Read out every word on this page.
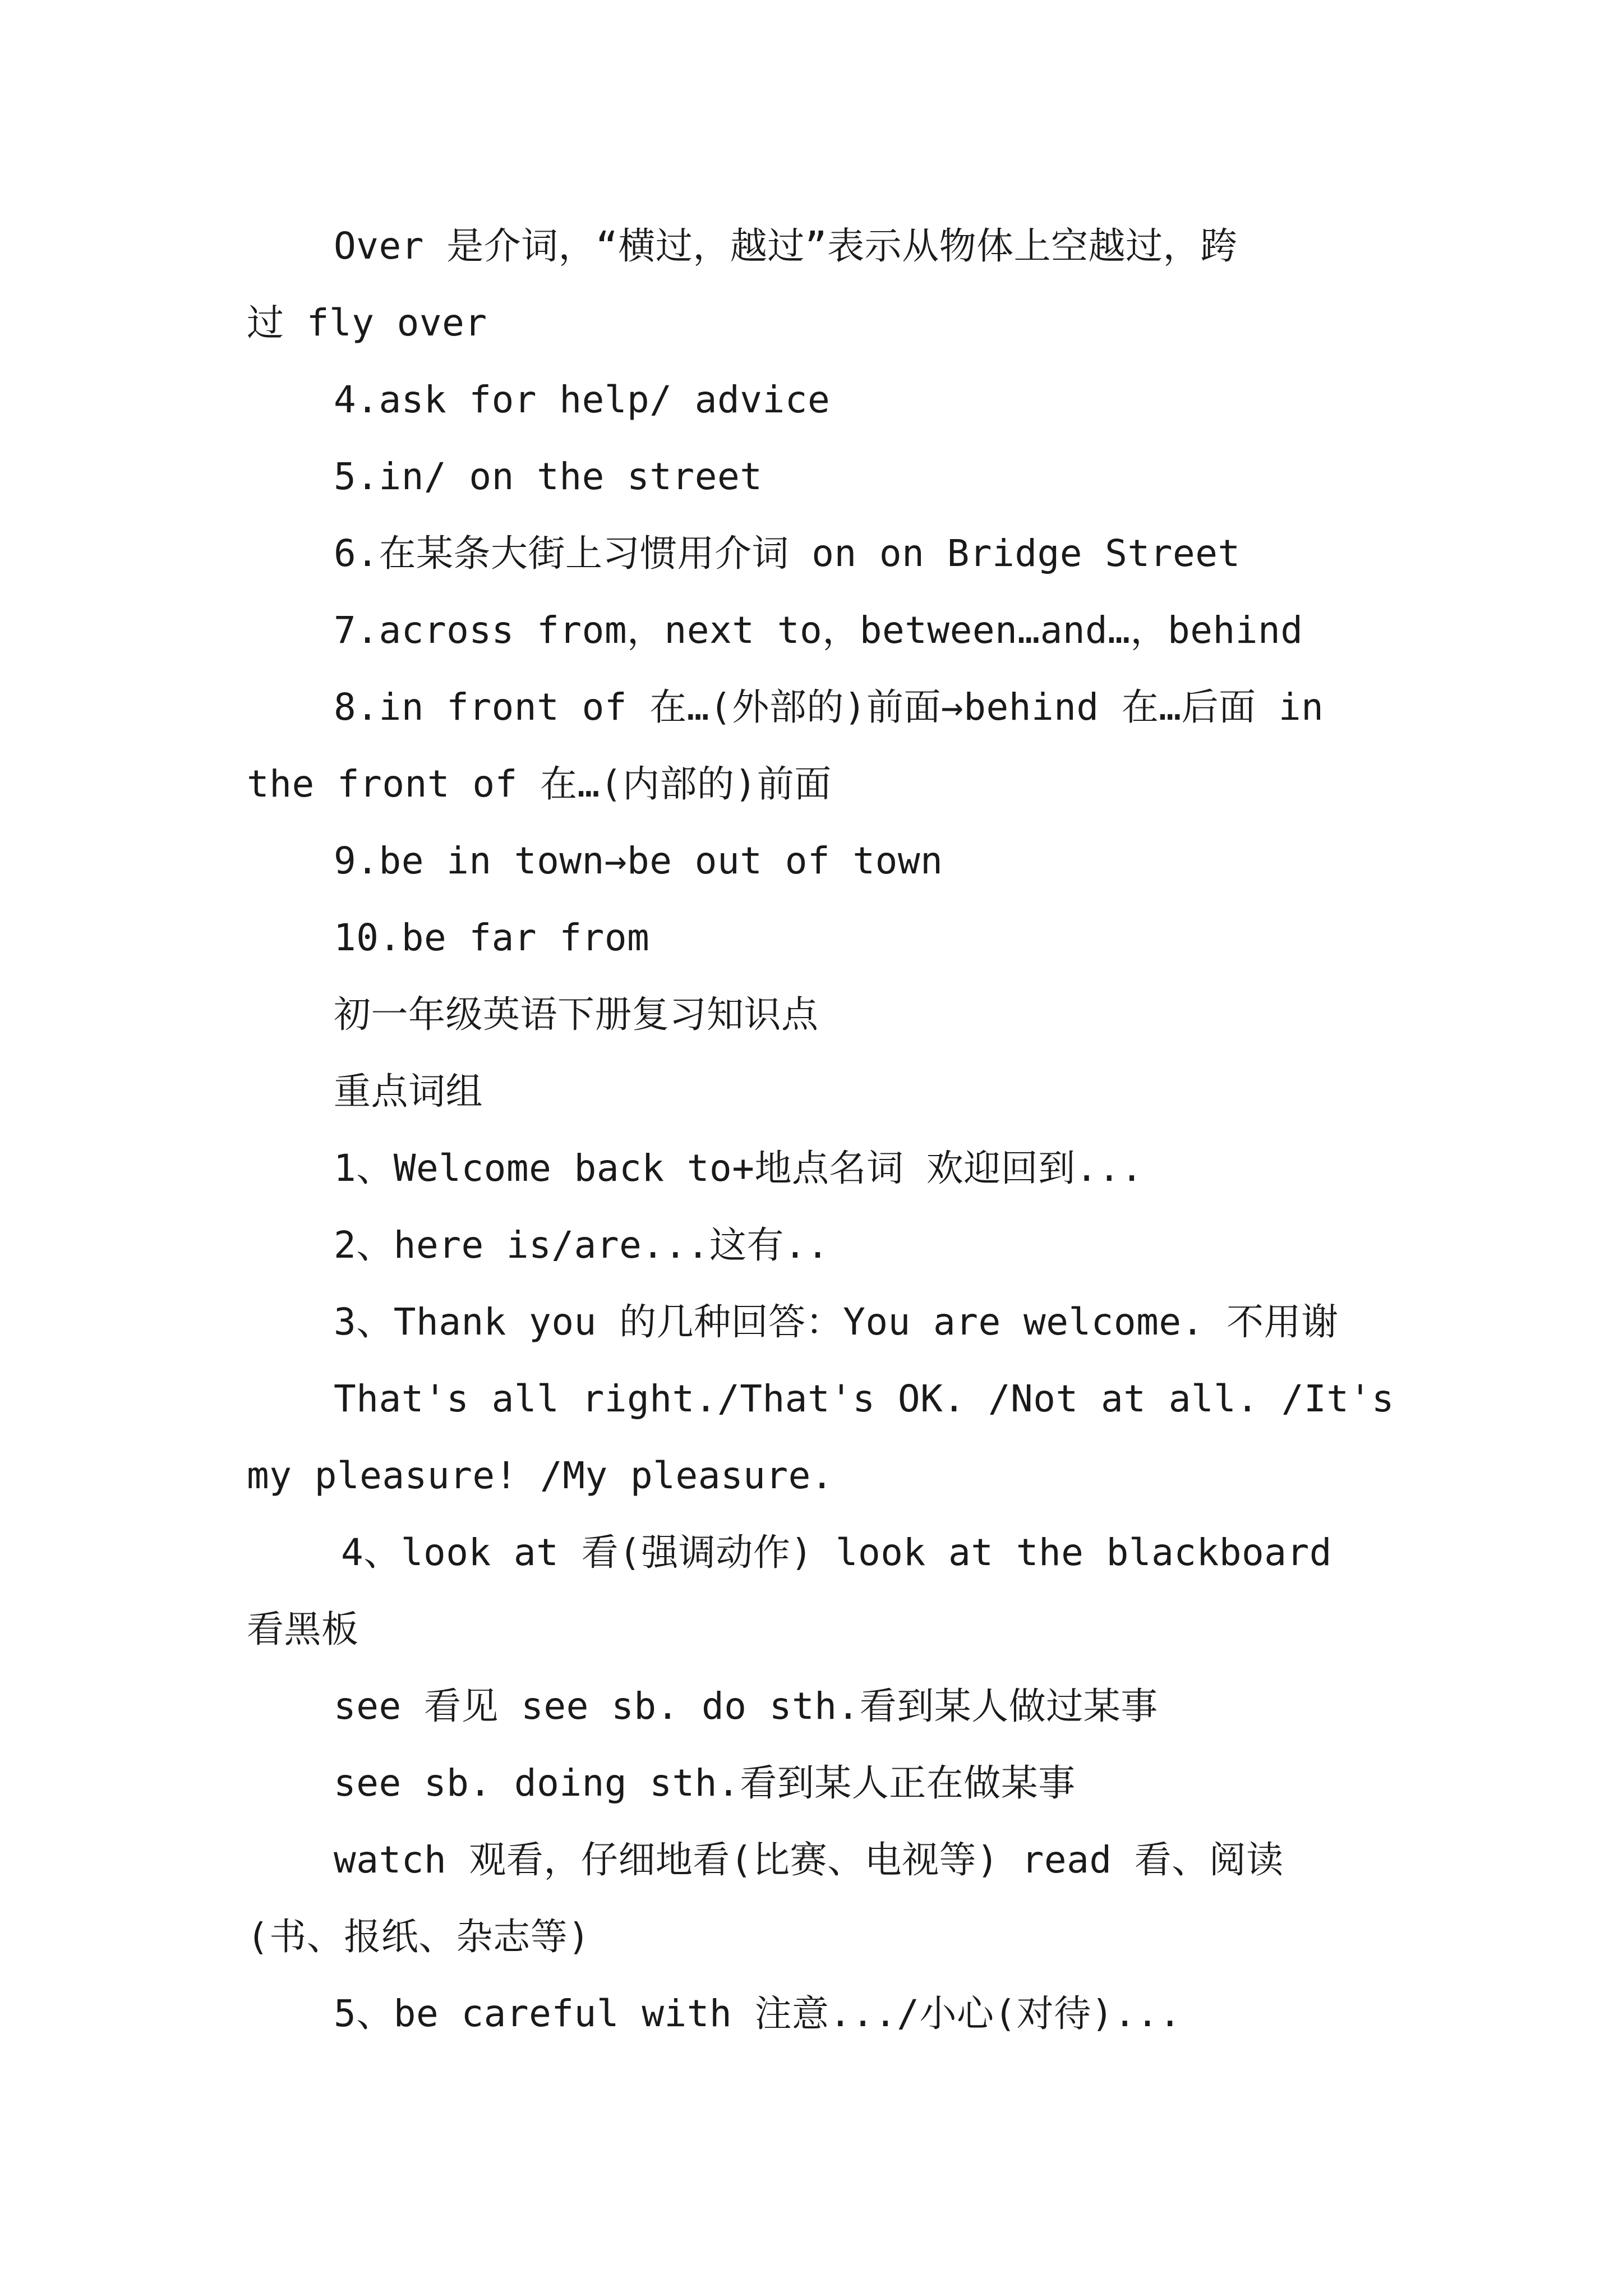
Over 是介词，“横过，越过”表示从物体上空越过，跨
过 fly over
4.ask for help/ advice
5.in/ on the street
6.在某条大街上习惯用介词 on on Bridge Street
7.across from，next to，between…and…，behind
8.in front of 在…(外部的)前面→behind 在…后面 in
the front of 在…(内部的)前面
9.be in town→be out of town
10.be far from
初一年级英语下册复习知识点
重点词组
1、Welcome back to+地点名词 欢迎回到...
2、here is/are...这有..
3、Thank you 的几种回答：You are welcome. 不用谢
That's all right./That's OK. /Not at all. /It's
my pleasure! /My pleasure.
4、look at 看(强调动作) look at the blackboard
看黑板
see 看见 see sb. do sth.看到某人做过某事
see sb. doing sth.看到某人正在做某事
watch 观看，仔细地看(比赛、电视等) read 看、阅读
(书、报纸、杂志等)
5、be careful with 注意.../小心(对待)...
